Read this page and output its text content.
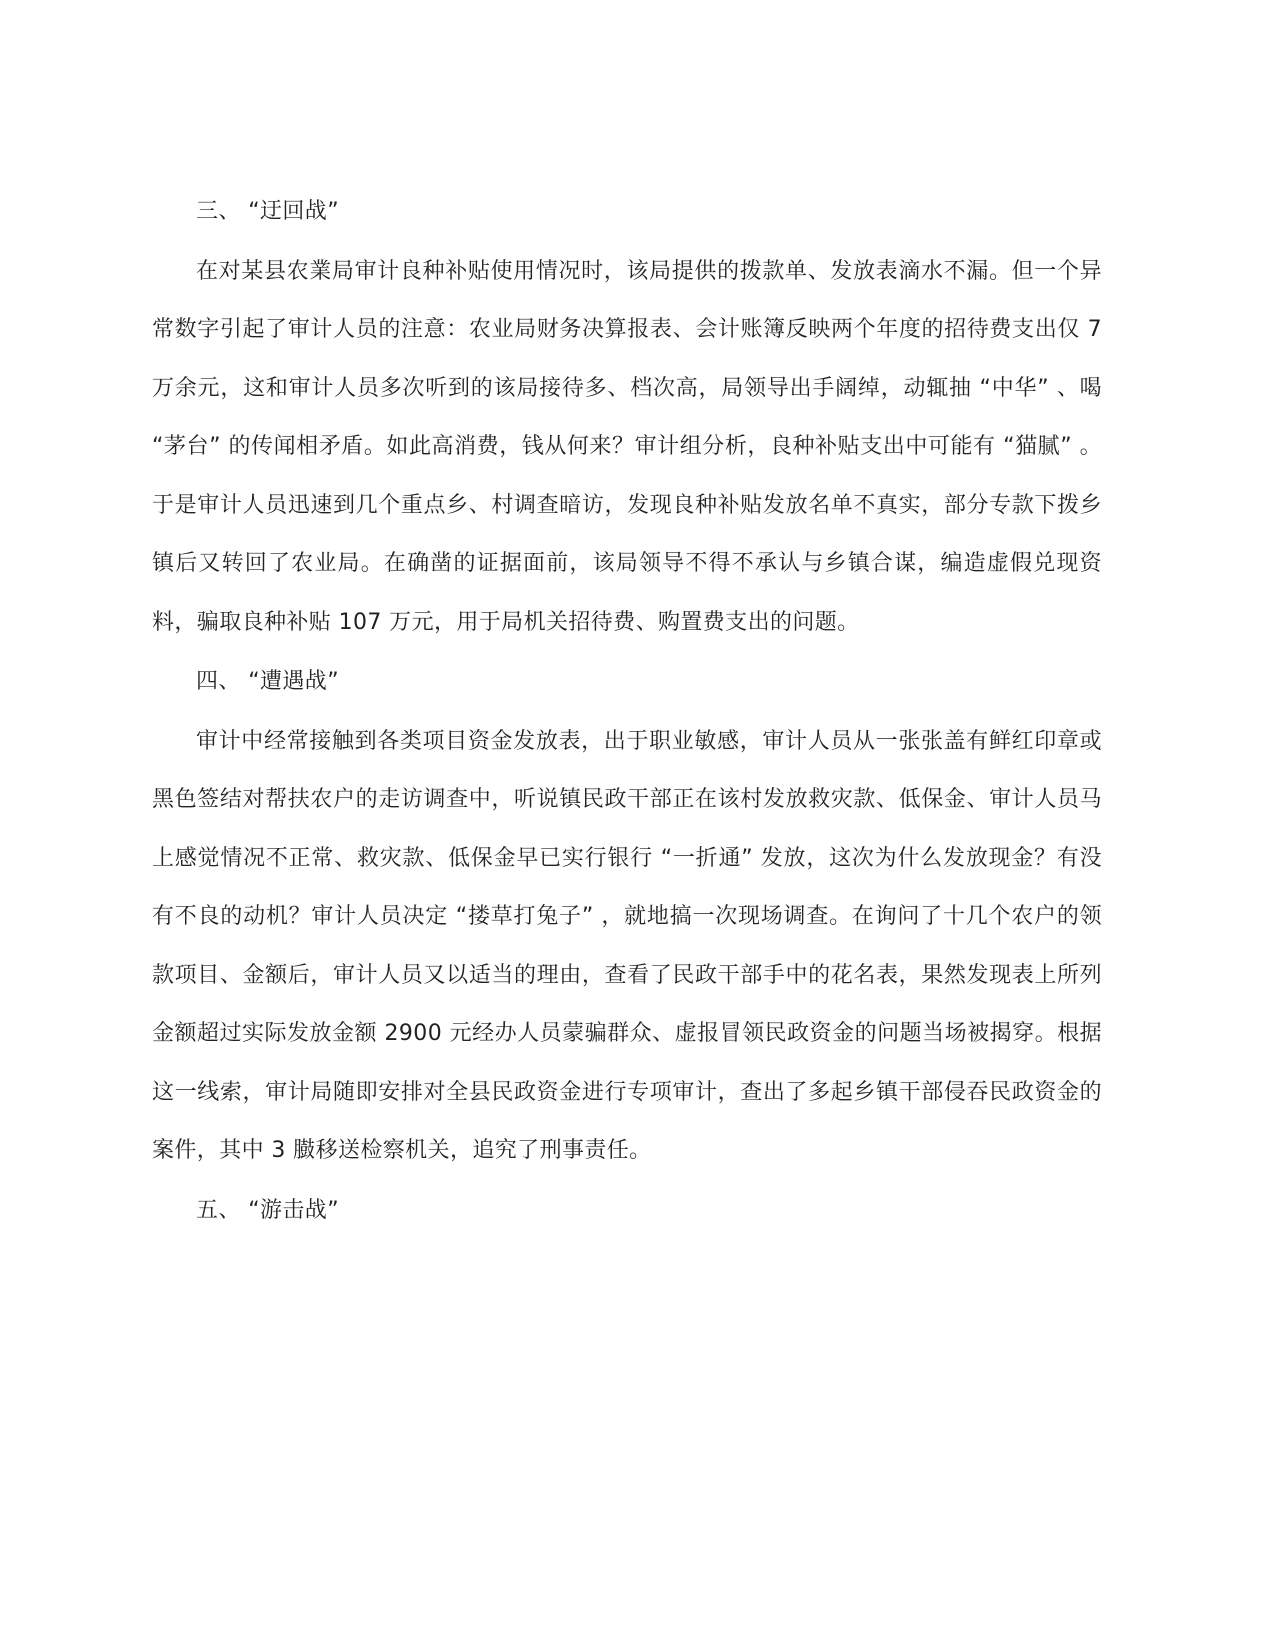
三、 “迂回战”

在对某县农業局审计良种补贴使用情况时，该局提供的拨款单、发放表滴水不漏。但一个异常数字引起了审计人员的注意：农业局财务决算报表、会计账簿反映两个年度的招待费支出仅 7 万余元，这和审计人员多次听到的该局接待多、档次高，局领导出手阔绰，动辄抽 “中华” 、喝 “茅台” 的传闻相矛盾。如此高消费，钱从何来？审计组分析，良种补贴支出中可能有 “猫腻” 。于是审计人员迅速到几个重点乡、村调查暗访，发现良种补贴发放名单不真实，部分专款下拨乡镇后又转回了农业局。在确凿的证据面前，该局领导不得不承认与乡镇合谋，编造虚假兑现资料，骗取良种补贴 107 万元，用于局机关招待费、购置费支出的问题。

四、 “遭遇战”

审计中经常接触到各类项目资金发放表，出于职业敏感，审计人员从一张张盖有鲜红印章或黑色签结对帮扶农户的走访调查中，听说镇民政干部正在该村发放救灾款、低保金、审计人员马上感觉情况不正常、救灾款、低保金早已实行银行 “一折通” 发放，这次为什么发放现金？有没有不良的动机？审计人员决定 “搂草打兔子” ，就地搞一次现场调查。在询问了十几个农户的领款项目、金额后，审计人员又以适当的理由，查看了民政干部手中的花名表，果然发现表上所列金额超过实际发放金额 2900 元经办人员蒙骗群众、虚报冒领民政资金的问题当场被揭穿。根据这一线索，审计局随即安排对全县民政资金进行专项审计，查出了多起乡镇干部侵吞民政资金的案件，其中 3 臌移送检察机关，追究了刑事责任。

五、 “游击战”
